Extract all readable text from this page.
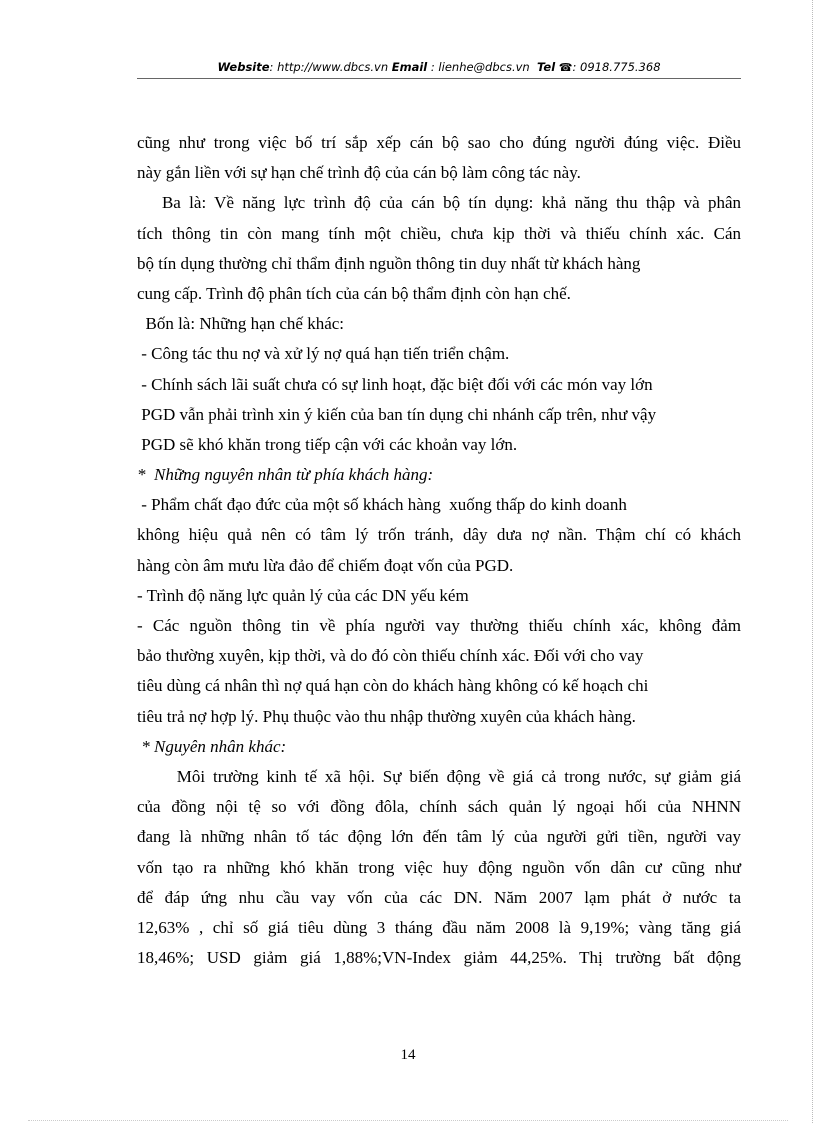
Website: http://www.dbcs.vn Email : lienhe@dbcs.vn Tel ☎: 0918.775.368
cũng như trong việc bố trí sắp xếp cán bộ sao cho đúng người đúng việc. Điều
này gắn liền với sự hạn chế trình độ của cán bộ làm công tác này.
Ba là: Về năng lực trình độ của cán bộ tín dụng: khả năng thu thập và phân
tích thông tin còn mang tính một chiều, chưa kịp thời và thiếu chính xác. Cán
bộ tín dụng thường chỉ thẩm định nguồn thông tin duy nhất từ khách hàng
cung cấp. Trình độ phân tích của cán bộ thẩm định còn hạn chế.
Bốn là: Những hạn chế khác:
- Công tác thu nợ và xử lý nợ quá hạn tiến triển chậm.
- Chính sách lãi suất chưa có sự linh hoạt, đặc biệt đối với các món vay lớn
PGD vẫn phải trình xin ý kiến của ban tín dụng chi nhánh cấp trên, như vậy
PGD sẽ khó khăn trong tiếp cận với các khoản vay lớn.
*  Những nguyên nhân từ phía khách hàng:
- Phẩm chất đạo đức của một số khách hàng  xuống thấp do kinh doanh
không hiệu quả nên có tâm lý trốn tránh, dây dưa nợ nần. Thậm chí có khách
hàng còn âm mưu lừa đảo để chiếm đoạt vốn của PGD.
- Trình độ năng lực quản lý của các DN yếu kém
- Các nguồn thông tin về phía người vay thường thiếu chính xác, không đảm
bảo thường xuyên, kịp thời, và do đó còn thiếu chính xác. Đối với cho vay
tiêu dùng cá nhân thì nợ quá hạn còn do khách hàng không có kế hoạch chi
tiêu trả nợ hợp lý. Phụ thuộc vào thu nhập thường xuyên của khách hàng.
* Nguyên nhân khác:
Môi trường kinh tế xã hội. Sự biến động về giá cả trong nước, sự giảm giá
của đồng nội tệ so với đồng đôla, chính sách quản lý ngoại hối của NHNN
đang là những nhân tố tác động lớn đến tâm lý của người gửi tiền, người vay
vốn tạo ra những khó khăn trong việc huy động nguồn vốn dân cư cũng như
để đáp ứng nhu cầu vay vốn của các DN. Năm 2007 lạm phát ở nước ta
12,63% , chỉ số giá tiêu dùng 3 tháng đầu năm 2008 là 9,19%; vàng tăng giá
18,46%; USD giảm giá 1,88%;VN-Index giảm 44,25%. Thị trường bất động
14
